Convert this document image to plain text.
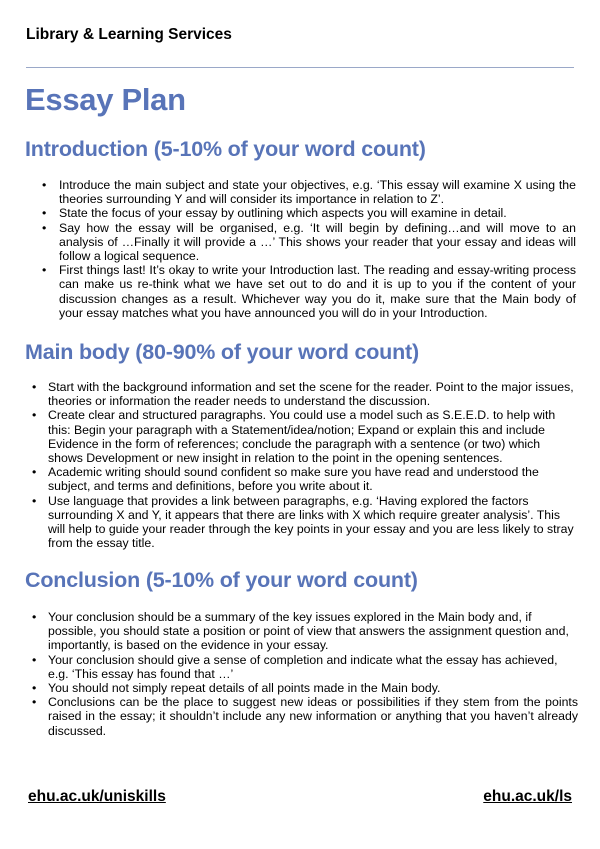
Library & Learning Services
Essay Plan
Introduction (5-10% of your word count)
• Introduce the main subject and state your objectives, e.g. ‘This essay will examine X using the theories surrounding Y and will consider its importance in relation to Z’.
• State the focus of your essay by outlining which aspects you will examine in detail.
• Say how the essay will be organised, e.g. ‘It will begin by defining…and will move to an analysis of …Finally it will provide a …’ This shows your reader that your essay and ideas will follow a logical sequence.
• First things last! It’s okay to write your Introduction last. The reading and essay-writing process can make us re-think what we have set out to do and it is up to you if the content of your discussion changes as a result. Whichever way you do it, make sure that the Main body of your essay matches what you have announced you will do in your Introduction.
Main body (80-90% of your word count)
• Start with the background information and set the scene for the reader. Point to the major issues, theories or information the reader needs to understand the discussion.
• Create clear and structured paragraphs. You could use a model such as S.E.E.D. to help with this: Begin your paragraph with a Statement/idea/notion; Expand or explain this and include Evidence in the form of references; conclude the paragraph with a sentence (or two) which shows Development or new insight in relation to the point in the opening sentences.
• Academic writing should sound confident so make sure you have read and understood the subject, and terms and definitions, before you write about it.
• Use language that provides a link between paragraphs, e.g. ‘Having explored the factors surrounding X and Y, it appears that there are links with X which require greater analysis’. This will help to guide your reader through the key points in your essay and you are less likely to stray from the essay title.
Conclusion (5-10% of your word count)
• Your conclusion should be a summary of the key issues explored in the Main body and, if possible, you should state a position or point of view that answers the assignment question and, importantly, is based on the evidence in your essay.
• Your conclusion should give a sense of completion and indicate what the essay has achieved, e.g. ‘This essay has found that …’
• You should not simply repeat details of all points made in the Main body.
• Conclusions can be the place to suggest new ideas or possibilities if they stem from the points raised in the essay; it shouldn’t include any new information or anything that you haven’t already discussed.
ehu.ac.uk/uniskills	ehu.ac.uk/ls
